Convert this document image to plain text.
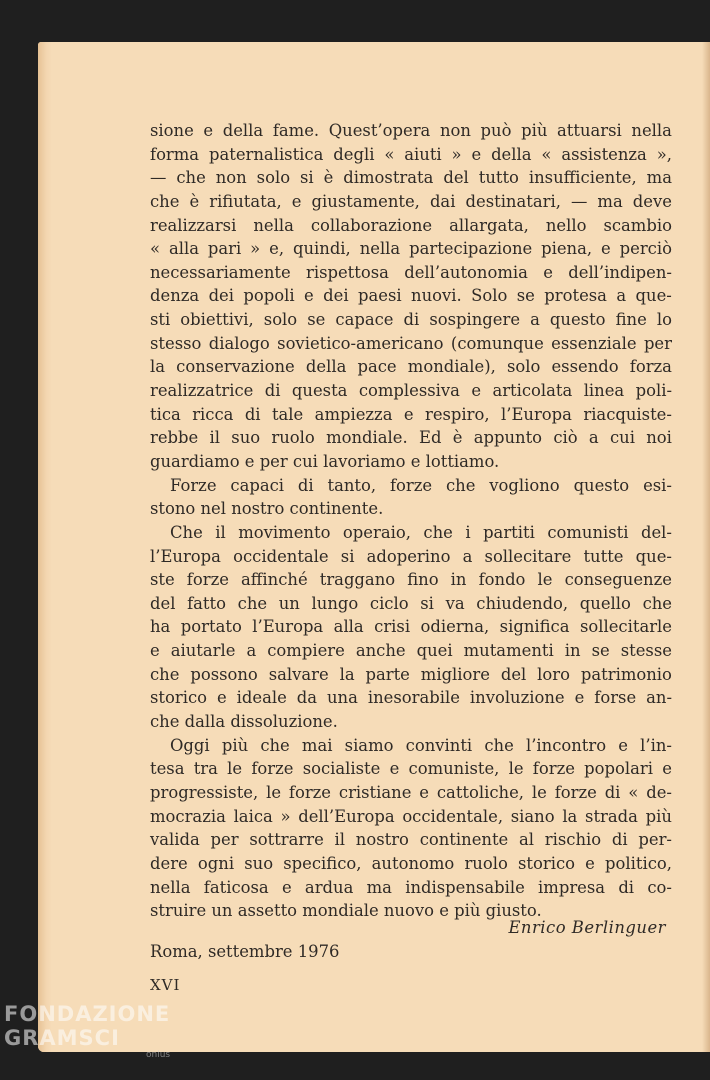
sione e della fame. Quest’opera non può più attuarsi nella
forma paternalistica degli « aiuti » e della « assistenza »,
— che non solo si è dimostrata del tutto insufficiente, ma
che è rifiutata, e giustamente, dai destinatari, — ma deve
realizzarsi nella collaborazione allargata, nello scambio
« alla pari » e, quindi, nella partecipazione piena, e perciò
necessariamente rispettosa dell’autonomia e dell’indipen-
denza dei popoli e dei paesi nuovi. Solo se protesa a que-
sti obiettivi, solo se capace di sospingere a questo fine lo
stesso dialogo sovietico-americano (comunque essenziale per
la conservazione della pace mondiale), solo essendo forza
realizzatrice di questa complessiva e articolata linea poli-
tica ricca di tale ampiezza e respiro, l’Europa riacquiste-
rebbe il suo ruolo mondiale. Ed è appunto ciò a cui noi
guardiamo e per cui lavoriamo e lottiamo.
Forze capaci di tanto, forze che vogliono questo esi-
stono nel nostro continente.
Che il movimento operaio, che i partiti comunisti del-
l’Europa occidentale si adoperino a sollecitare tutte que-
ste forze affinché traggano fino in fondo le conseguenze
del fatto che un lungo ciclo si va chiudendo, quello che
ha portato l’Europa alla crisi odierna, significa sollecitarle
e aiutarle a compiere anche quei mutamenti in se stesse
che possono salvare la parte migliore del loro patrimonio
storico e ideale da una inesorabile involuzione e forse an-
che dalla dissoluzione.
Oggi più che mai siamo convinti che l’incontro e l’in-
tesa tra le forze socialiste e comuniste, le forze popolari e
progressiste, le forze cristiane e cattoliche, le forze di « de-
mocrazia laica » dell’Europa occidentale, siano la strada più
valida per sottrarre il nostro continente al rischio di per-
dere ogni suo specifico, autonomo ruolo storico e politico,
nella faticosa e ardua ma indispensabile impresa di co-
struire un assetto mondiale nuovo e più giusto.
Enrico Berlinguer
Roma, settembre 1976
XVI
FONDAZIONE GRAMSCI
onlus
